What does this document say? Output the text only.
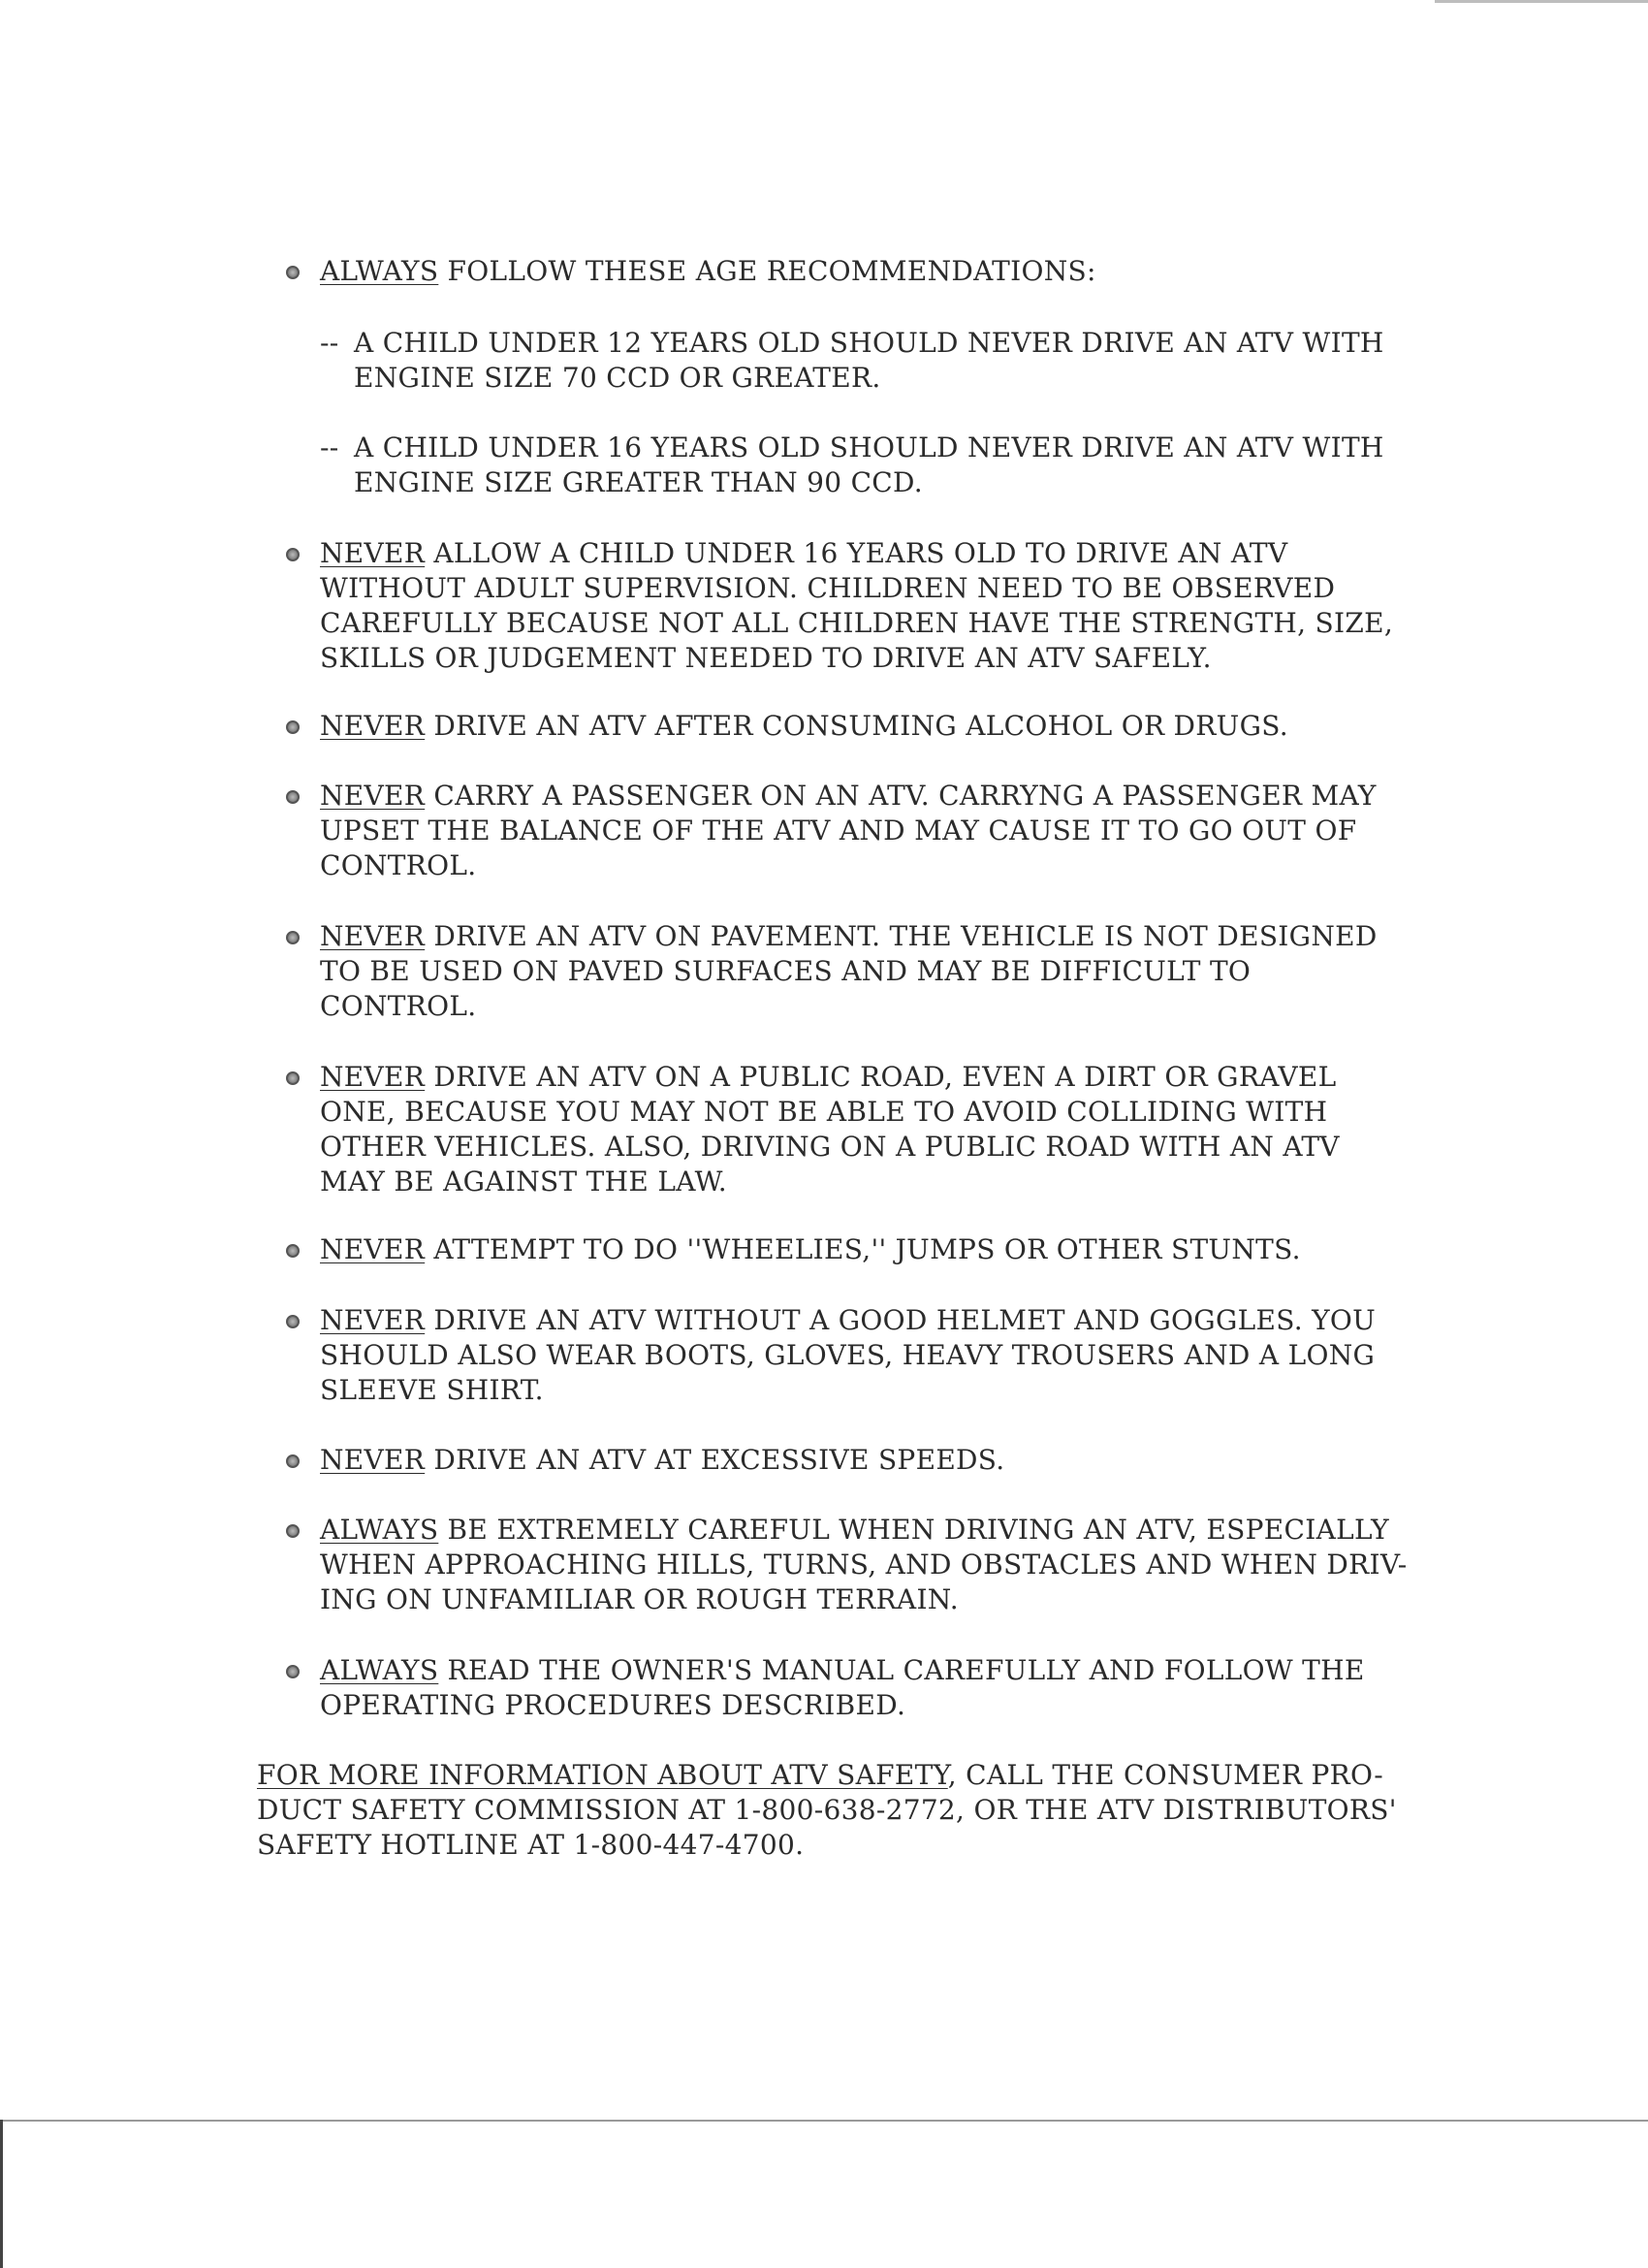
ALWAYS FOLLOW THESE AGE RECOMMENDATIONS:
-- A CHILD UNDER 12 YEARS OLD SHOULD NEVER DRIVE AN ATV WITH
ENGINE SIZE 70 CCD OR GREATER.
-- A CHILD UNDER 16 YEARS OLD SHOULD NEVER DRIVE AN ATV WITH
ENGINE SIZE GREATER THAN 90 CCD.
NEVER ALLOW A CHILD UNDER 16 YEARS OLD TO DRIVE AN ATV
WITHOUT ADULT SUPERVISION. CHILDREN NEED TO BE OBSERVED
CAREFULLY BECAUSE NOT ALL CHILDREN HAVE THE STRENGTH, SIZE,
SKILLS OR JUDGEMENT NEEDED TO DRIVE AN ATV SAFELY.
NEVER DRIVE AN ATV AFTER CONSUMING ALCOHOL OR DRUGS.
NEVER CARRY A PASSENGER ON AN ATV. CARRYNG A PASSENGER MAY
UPSET THE BALANCE OF THE ATV AND MAY CAUSE IT TO GO OUT OF
CONTROL.
NEVER DRIVE AN ATV ON PAVEMENT. THE VEHICLE IS NOT DESIGNED
TO BE USED ON PAVED SURFACES AND MAY BE DIFFICULT TO
CONTROL.
NEVER DRIVE AN ATV ON A PUBLIC ROAD, EVEN A DIRT OR GRAVEL
ONE, BECAUSE YOU MAY NOT BE ABLE TO AVOID COLLIDING WITH
OTHER VEHICLES. ALSO, DRIVING ON A PUBLIC ROAD WITH AN ATV
MAY BE AGAINST THE LAW.
NEVER ATTEMPT TO DO ''WHEELIES,'' JUMPS OR OTHER STUNTS.
NEVER DRIVE AN ATV WITHOUT A GOOD HELMET AND GOGGLES. YOU
SHOULD ALSO WEAR BOOTS, GLOVES, HEAVY TROUSERS AND A LONG
SLEEVE SHIRT.
NEVER DRIVE AN ATV AT EXCESSIVE SPEEDS.
ALWAYS BE EXTREMELY CAREFUL WHEN DRIVING AN ATV, ESPECIALLY
WHEN APPROACHING HILLS, TURNS, AND OBSTACLES AND WHEN DRIV-
ING ON UNFAMILIAR OR ROUGH TERRAIN.
ALWAYS READ THE OWNER'S MANUAL CAREFULLY AND FOLLOW THE
OPERATING PROCEDURES DESCRIBED.
FOR MORE INFORMATION ABOUT ATV SAFETY, CALL THE CONSUMER PRO-
DUCT SAFETY COMMISSION AT 1-800-638-2772, OR THE ATV DISTRIBUTORS'
SAFETY HOTLINE AT 1-800-447-4700.
